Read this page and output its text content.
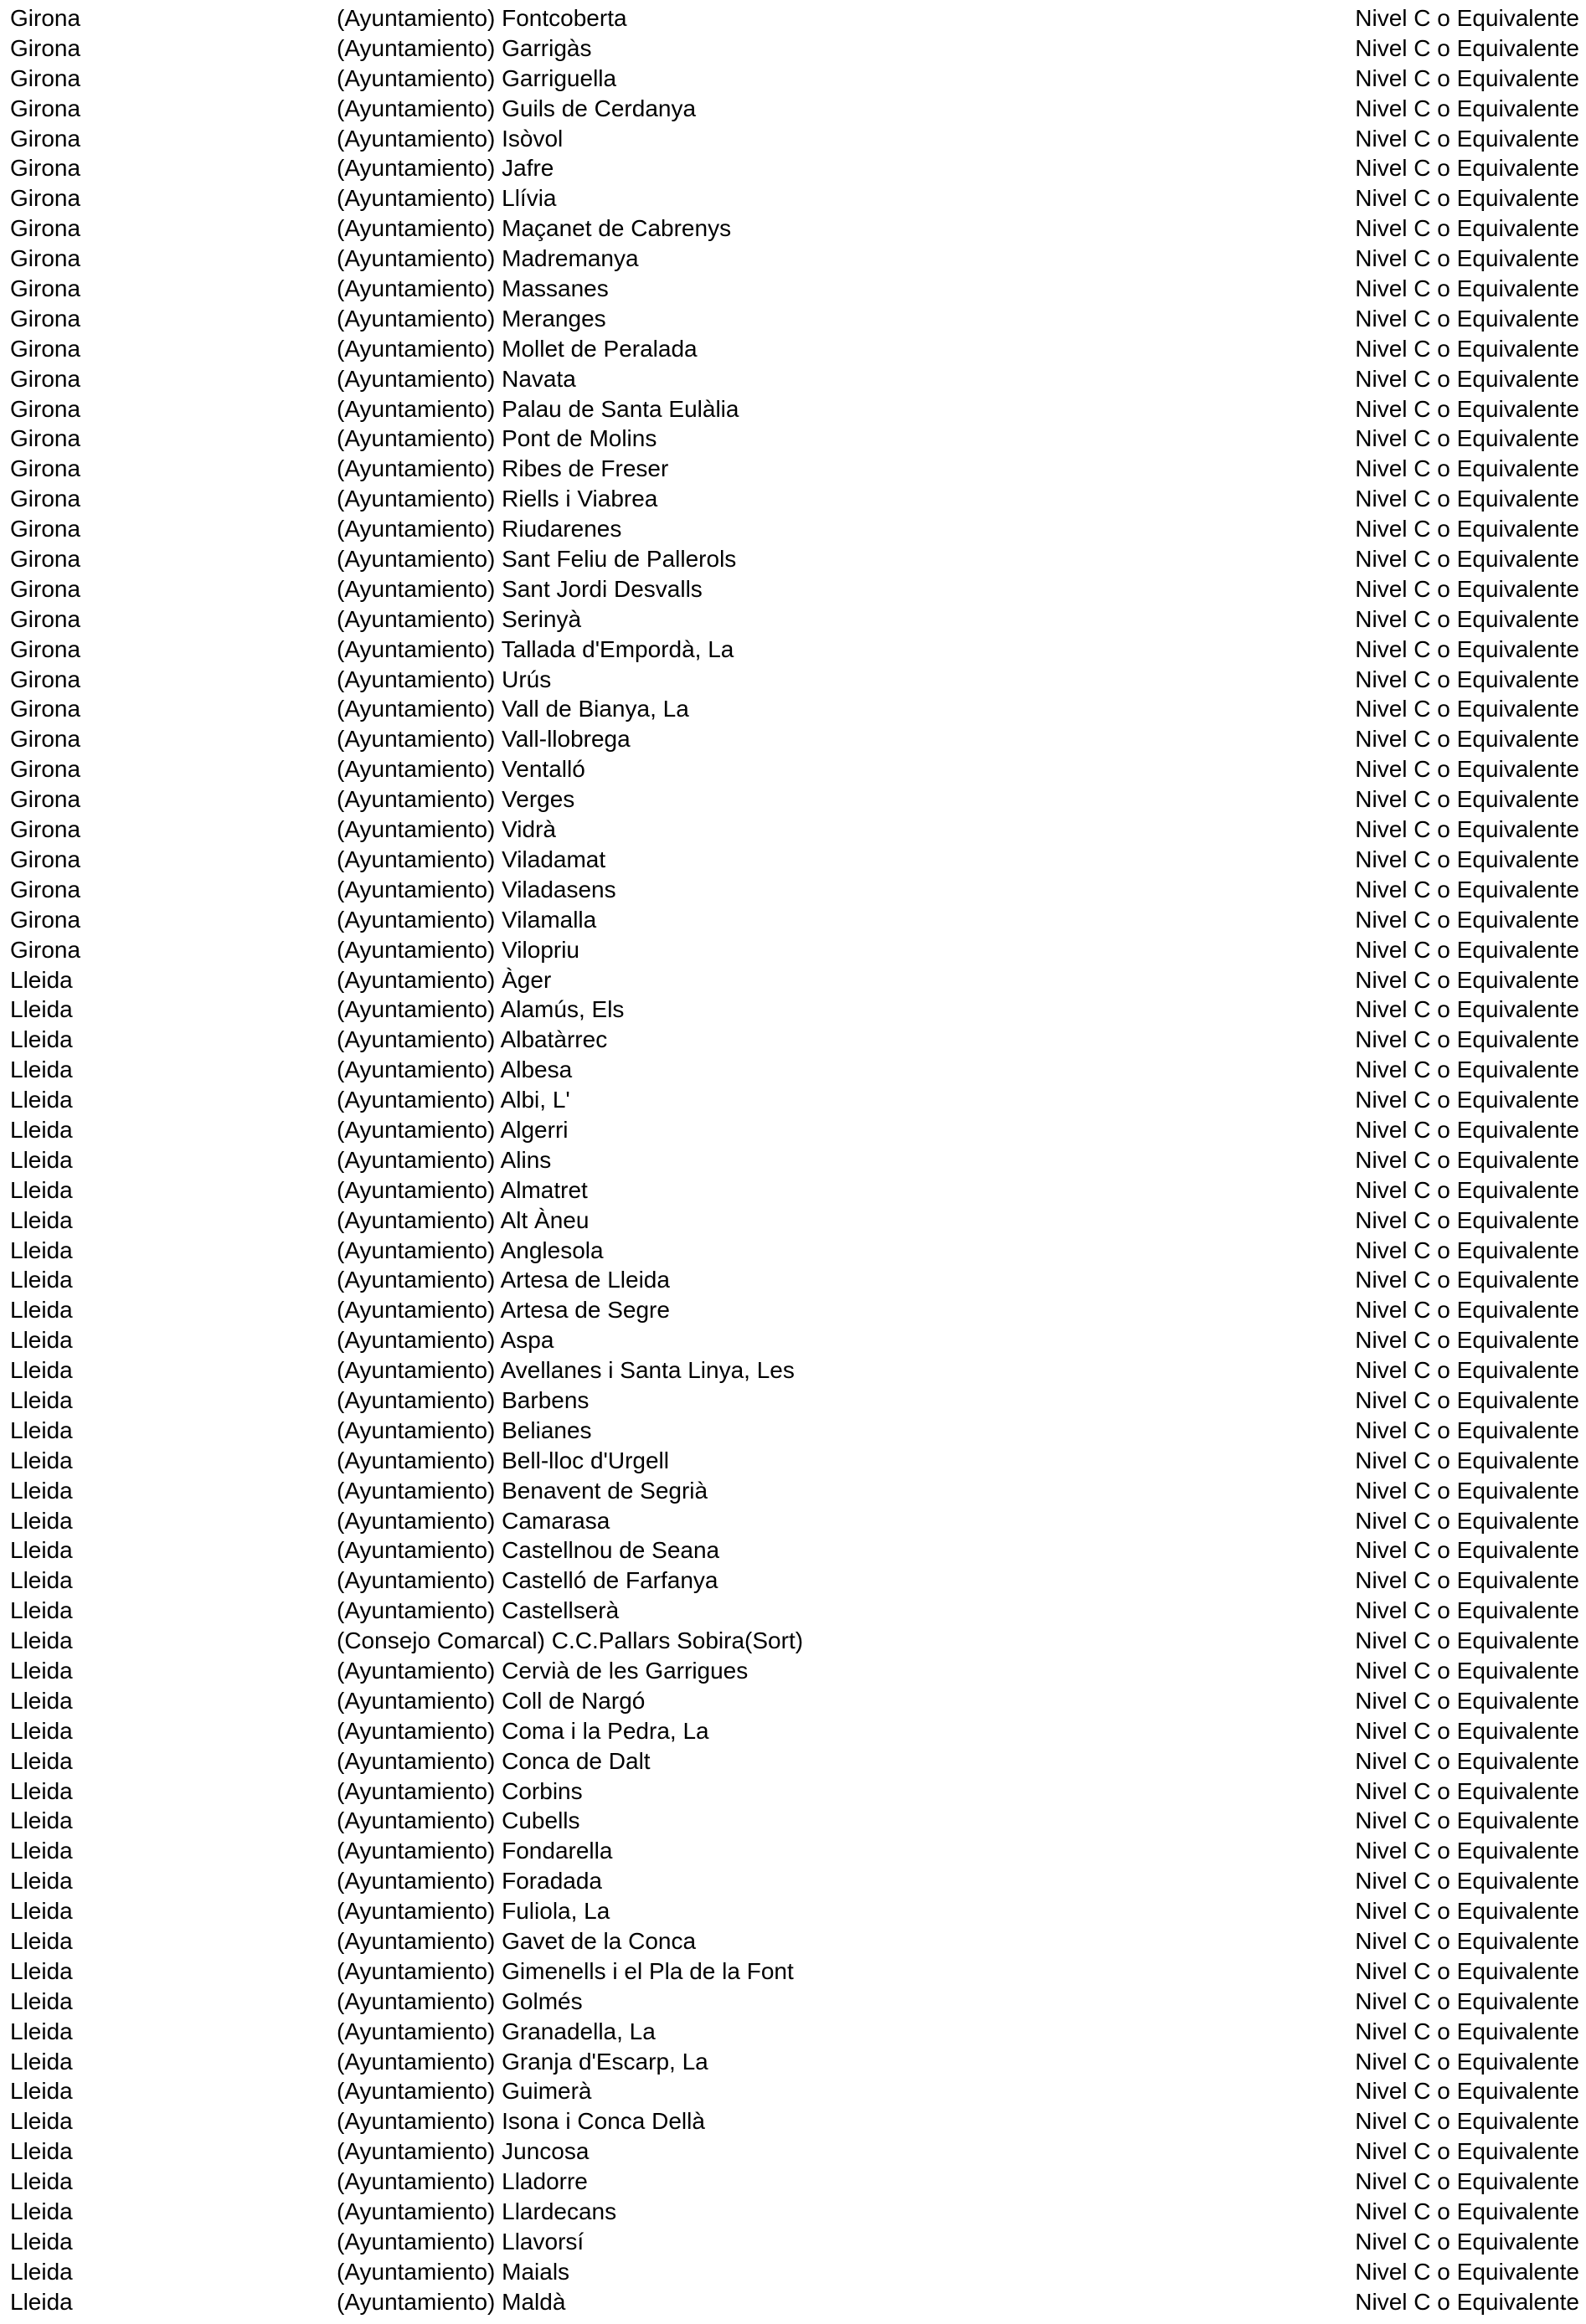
Girona	(Ayuntamiento) Fontcoberta	Nivel C o Equivalente
Girona	(Ayuntamiento) Garrigàs	Nivel C o Equivalente
Girona	(Ayuntamiento) Garriguella	Nivel C o Equivalente
Girona	(Ayuntamiento) Guils de Cerdanya	Nivel C o Equivalente
Girona	(Ayuntamiento) Isòvol	Nivel C o Equivalente
Girona	(Ayuntamiento) Jafre	Nivel C o Equivalente
Girona	(Ayuntamiento) Llívia	Nivel C o Equivalente
Girona	(Ayuntamiento) Maçanet de Cabrenys	Nivel C o Equivalente
Girona	(Ayuntamiento) Madremanya	Nivel C o Equivalente
Girona	(Ayuntamiento) Massanes	Nivel C o Equivalente
Girona	(Ayuntamiento) Meranges	Nivel C o Equivalente
Girona	(Ayuntamiento) Mollet de Peralada	Nivel C o Equivalente
Girona	(Ayuntamiento) Navata	Nivel C o Equivalente
Girona	(Ayuntamiento) Palau de Santa Eulàlia	Nivel C o Equivalente
Girona	(Ayuntamiento) Pont de Molins	Nivel C o Equivalente
Girona	(Ayuntamiento) Ribes de Freser	Nivel C o Equivalente
Girona	(Ayuntamiento) Riells i Viabrea	Nivel C o Equivalente
Girona	(Ayuntamiento) Riudarenes	Nivel C o Equivalente
Girona	(Ayuntamiento) Sant Feliu de Pallerols	Nivel C o Equivalente
Girona	(Ayuntamiento) Sant Jordi Desvalls	Nivel C o Equivalente
Girona	(Ayuntamiento) Serinyà	Nivel C o Equivalente
Girona	(Ayuntamiento) Tallada d'Empordà, La	Nivel C o Equivalente
Girona	(Ayuntamiento) Urús	Nivel C o Equivalente
Girona	(Ayuntamiento) Vall de Bianya, La	Nivel C o Equivalente
Girona	(Ayuntamiento) Vall-llobrega	Nivel C o Equivalente
Girona	(Ayuntamiento) Ventalló	Nivel C o Equivalente
Girona	(Ayuntamiento) Verges	Nivel C o Equivalente
Girona	(Ayuntamiento) Vidrà	Nivel C o Equivalente
Girona	(Ayuntamiento) Viladamat	Nivel C o Equivalente
Girona	(Ayuntamiento) Viladasens	Nivel C o Equivalente
Girona	(Ayuntamiento) Vilamalla	Nivel C o Equivalente
Girona	(Ayuntamiento) Vilopriu	Nivel C o Equivalente
Lleida	(Ayuntamiento) Àger	Nivel C o Equivalente
Lleida	(Ayuntamiento) Alamús, Els	Nivel C o Equivalente
Lleida	(Ayuntamiento) Albatàrrec	Nivel C o Equivalente
Lleida	(Ayuntamiento) Albesa	Nivel C o Equivalente
Lleida	(Ayuntamiento) Albi, L'	Nivel C o Equivalente
Lleida	(Ayuntamiento) Algerri	Nivel C o Equivalente
Lleida	(Ayuntamiento) Alins	Nivel C o Equivalente
Lleida	(Ayuntamiento) Almatret	Nivel C o Equivalente
Lleida	(Ayuntamiento) Alt Àneu	Nivel C o Equivalente
Lleida	(Ayuntamiento) Anglesola	Nivel C o Equivalente
Lleida	(Ayuntamiento) Artesa de Lleida	Nivel C o Equivalente
Lleida	(Ayuntamiento) Artesa de Segre	Nivel C o Equivalente
Lleida	(Ayuntamiento) Aspa	Nivel C o Equivalente
Lleida	(Ayuntamiento) Avellanes i Santa Linya, Les	Nivel C o Equivalente
Lleida	(Ayuntamiento) Barbens	Nivel C o Equivalente
Lleida	(Ayuntamiento) Belianes	Nivel C o Equivalente
Lleida	(Ayuntamiento) Bell-lloc d'Urgell	Nivel C o Equivalente
Lleida	(Ayuntamiento) Benavent de Segrià	Nivel C o Equivalente
Lleida	(Ayuntamiento) Camarasa	Nivel C o Equivalente
Lleida	(Ayuntamiento) Castellnou de Seana	Nivel C o Equivalente
Lleida	(Ayuntamiento) Castelló de Farfanya	Nivel C o Equivalente
Lleida	(Ayuntamiento) Castellserà	Nivel C o Equivalente
Lleida	(Consejo Comarcal) C.C.Pallars Sobira(Sort)	Nivel C o Equivalente
Lleida	(Ayuntamiento) Cervià de les Garrigues	Nivel C o Equivalente
Lleida	(Ayuntamiento) Coll de Nargó	Nivel C o Equivalente
Lleida	(Ayuntamiento) Coma i la Pedra, La	Nivel C o Equivalente
Lleida	(Ayuntamiento) Conca de Dalt	Nivel C o Equivalente
Lleida	(Ayuntamiento) Corbins	Nivel C o Equivalente
Lleida	(Ayuntamiento) Cubells	Nivel C o Equivalente
Lleida	(Ayuntamiento) Fondarella	Nivel C o Equivalente
Lleida	(Ayuntamiento) Foradada	Nivel C o Equivalente
Lleida	(Ayuntamiento) Fuliola, La	Nivel C o Equivalente
Lleida	(Ayuntamiento) Gavet de la Conca	Nivel C o Equivalente
Lleida	(Ayuntamiento) Gimenells i el Pla de la Font	Nivel C o Equivalente
Lleida	(Ayuntamiento) Golmés	Nivel C o Equivalente
Lleida	(Ayuntamiento) Granadella, La	Nivel C o Equivalente
Lleida	(Ayuntamiento) Granja d'Escarp, La	Nivel C o Equivalente
Lleida	(Ayuntamiento) Guimerà	Nivel C o Equivalente
Lleida	(Ayuntamiento) Isona i Conca Dellà	Nivel C o Equivalente
Lleida	(Ayuntamiento) Juncosa	Nivel C o Equivalente
Lleida	(Ayuntamiento) Lladorre	Nivel C o Equivalente
Lleida	(Ayuntamiento) Llardecans	Nivel C o Equivalente
Lleida	(Ayuntamiento) Llavorsí	Nivel C o Equivalente
Lleida	(Ayuntamiento) Maials	Nivel C o Equivalente
Lleida	(Ayuntamiento) Maldà	Nivel C o Equivalente
